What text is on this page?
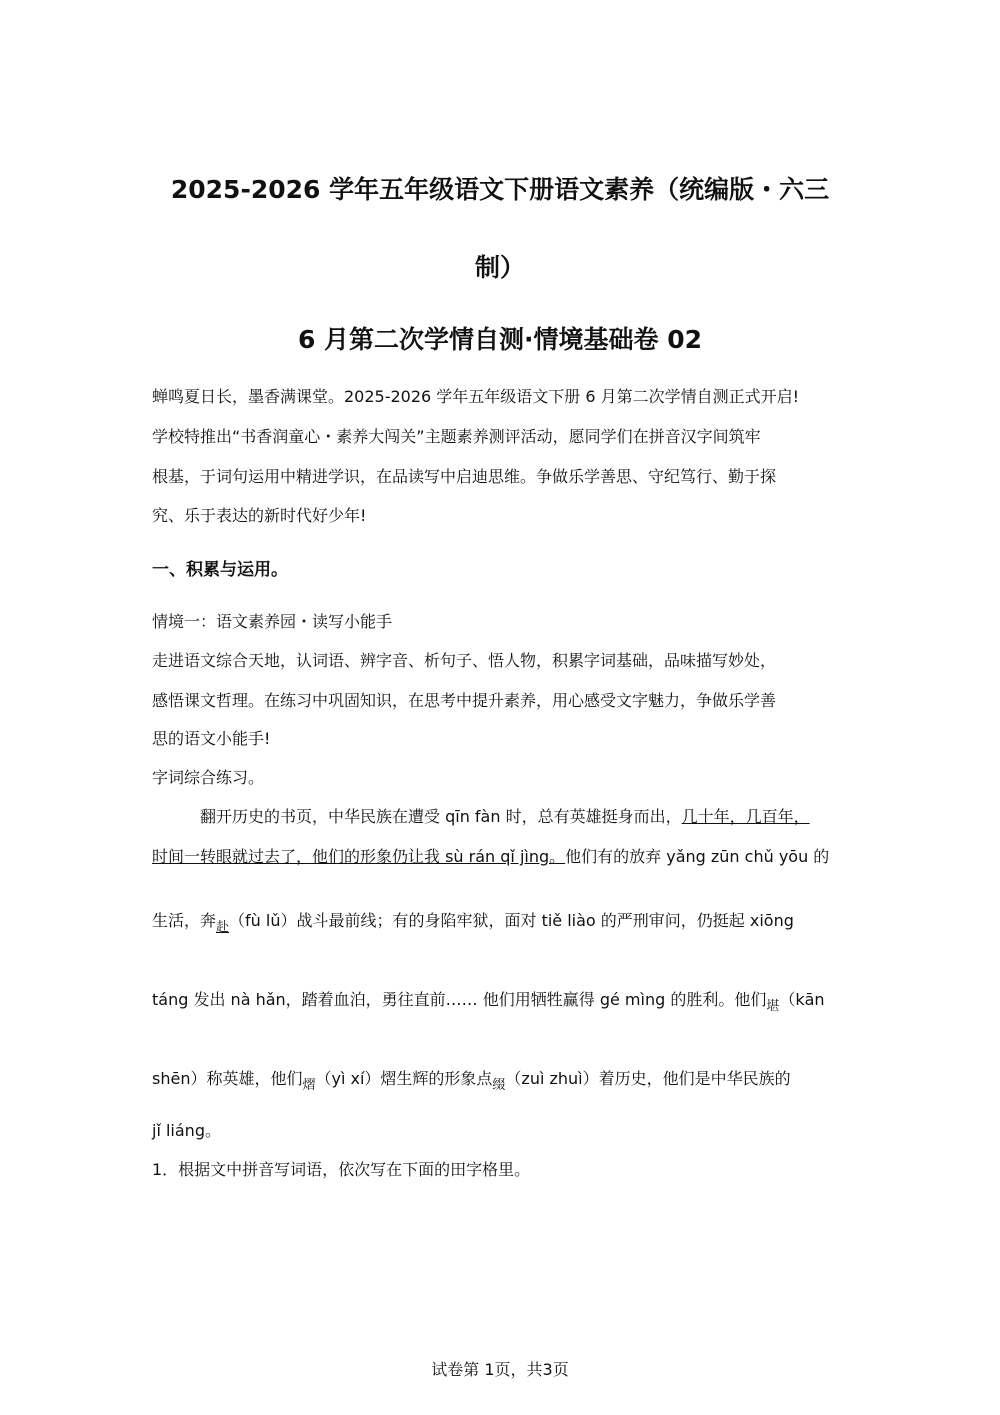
2025-2026 学年五年级语文下册语文素养（统编版・六三
制）
6 月第二次学情自测·情境基础卷 02
蝉鸣夏日长，墨香满课堂。2025-2026 学年五年级语文下册 6 月第二次学情自测正式开启!
学校特推出“书香润童心・素养大闯关”主题素养测评活动，愿同学们在拼音汉字间筑牢
根基，于词句运用中精进学识，在品读写中启迪思维。争做乐学善思、守纪笃行、勤于探
究、乐于表达的新时代好少年!
一、积累与运用。
情境一：语文素养园・读写小能手
走进语文综合天地，认词语、辨字音、析句子、悟人物，积累字词基础，品味描写妙处，
感悟课文哲理。在练习中巩固知识，在思考中提升素养，用心感受文字魅力，争做乐学善
思的语文小能手!
字词综合练习。
翻开历史的书页，中华民族在遭受 qīn fàn 时，总有英雄挺身而出，几十年，几百年，
时间一转眼就过去了，他们的形象仍让我 sù rán qǐ jìng。他们有的放弃 yǎng zūn chǔ yōu 的
生活，奔$_赴$（fù lǔ）战斗最前线；有的身陷牢狱，面对 tiě liào 的严刑审问，仍挺起 xiōng
táng 发出 nà hǎn，踏着血泊，勇往直前…… 他们用牺牲赢得 gé mìng 的胜利。他们$_堪$（kān
shēn）称英雄，他们$_熠$（yì xí）熠生辉的形象点$_缀$（zuì zhuì）着历史，他们是中华民族的
jǐ liáng。
1．根据文中拼音写词语，依次写在下面的田字格里。
试卷第 1页，共3页
